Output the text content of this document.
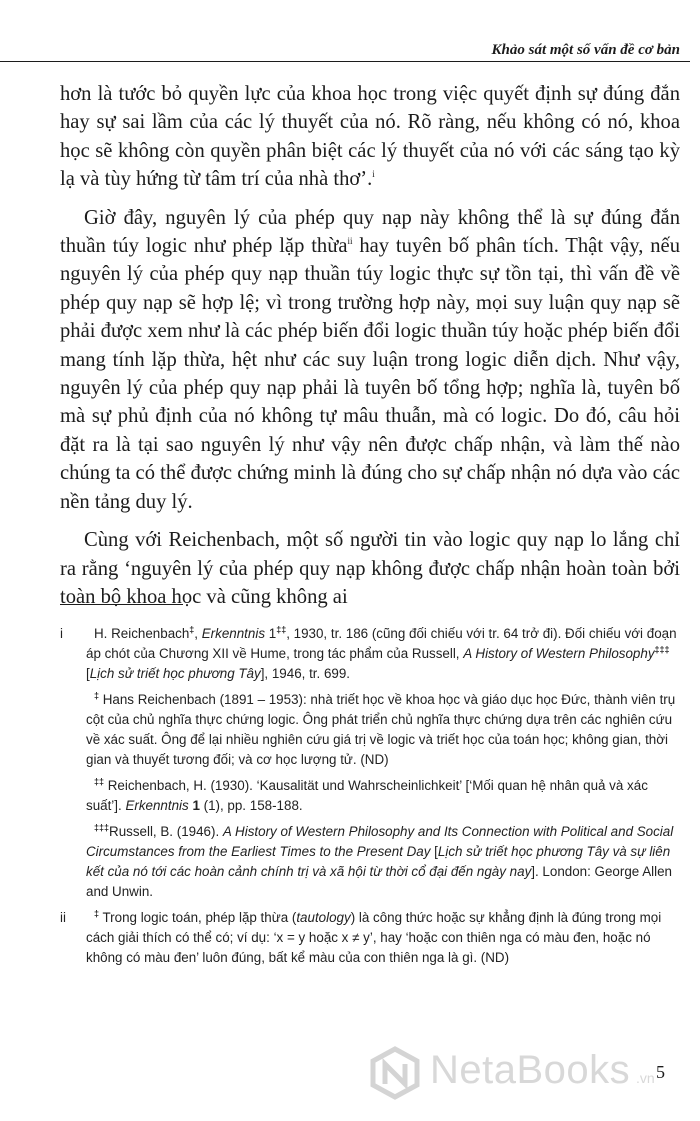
Khảo sát một số vấn đề cơ bản

hơn là tước bỏ quyền lực của khoa học trong việc quyết định sự đúng đắn hay sự sai lầm của các lý thuyết của nó. Rõ ràng, nếu không có nó, khoa học sẽ không còn quyền phân biệt các lý thuyết của nó với các sáng tạo kỳ lạ và tùy hứng từ tâm trí của nhà thơ’.$^i$

Giờ đây, nguyên lý của phép quy nạp này không thể là sự đúng đắn thuần túy logic như phép lặp thừa$^{ii}$ hay tuyên bố phân tích. Thật vậy, nếu nguyên lý của phép quy nạp thuần túy logic thực sự tồn tại, thì vấn đề về phép quy nạp sẽ hợp lệ; vì trong trường hợp này, mọi suy luận quy nạp sẽ phải được xem như là các phép biến đổi logic thuần túy hoặc phép biến đổi mang tính lặp thừa, hệt như các suy luận trong logic diễn dịch. Như vậy, nguyên lý của phép quy nạp phải là tuyên bố tổng hợp; nghĩa là, tuyên bố mà sự phủ định của nó không tự mâu thuẫn, mà có logic. Do đó, câu hỏi đặt ra là tại sao nguyên lý như vậy nên được chấp nhận, và làm thế nào chúng ta có thể được chứng minh là đúng cho sự chấp nhận nó dựa vào các nền tảng duy lý.

Cùng với Reichenbach, một số người tin vào logic quy nạp lo lắng chỉ ra rằng ‘nguyên lý của phép quy nạp không được chấp nhận hoàn toàn bởi toàn bộ khoa học và cũng không ai

i	H. Reichenbach‡, Erkenntnis 1‡‡, 1930, tr. 186 (cũng đối chiếu với tr. 64 trở đi). Đối chiếu với đoạn áp chót của Chương XII về Hume, trong tác phẩm của Russell, A History of Western Philosophy‡‡‡ [Lịch sử triết học phương Tây], 1946, tr. 699.
‡ Hans Reichenbach (1891 – 1953): nhà triết học về khoa học và giáo dục học Đức, thành viên trụ cột của chủ nghĩa thực chứng logic. Ông phát triển chủ nghĩa thực chứng dựa trên các nghiên cứu về xác suất. Ông để lại nhiều nghiên cứu giá trị về logic và triết học của toán học; không gian, thời gian và thuyết tương đối; và cơ học lượng tử. (ND)
‡‡ Reichenbach, H. (1930). ‘Kausalität und Wahrscheinlichkeit’ [‘Mối quan hệ nhân quả và xác suất’]. Erkenntnis 1 (1), pp. 158-188.
‡‡‡Russell, B. (1946). A History of Western Philosophy and Its Connection with Political and Social Circumstances from the Earliest Times to the Present Day [Lịch sử triết học phương Tây và sự liên kết của nó tới các hoàn cảnh chính trị và xã hội từ thời cổ đại đến ngày nay]. London: George Allen and Unwin.
ii	‡ Trong logic toán, phép lặp thừa (tautology) là công thức hoặc sự khẳng định là đúng trong mọi cách giải thích có thể có; ví dụ: ‘x = y hoặc x ≠ y’, hay ‘hoặc con thiên nga có màu đen, hoặc nó không có màu đen’ luôn đúng, bất kể màu của con thiên nga là gì. (ND)
NetaBooks .vn 5
